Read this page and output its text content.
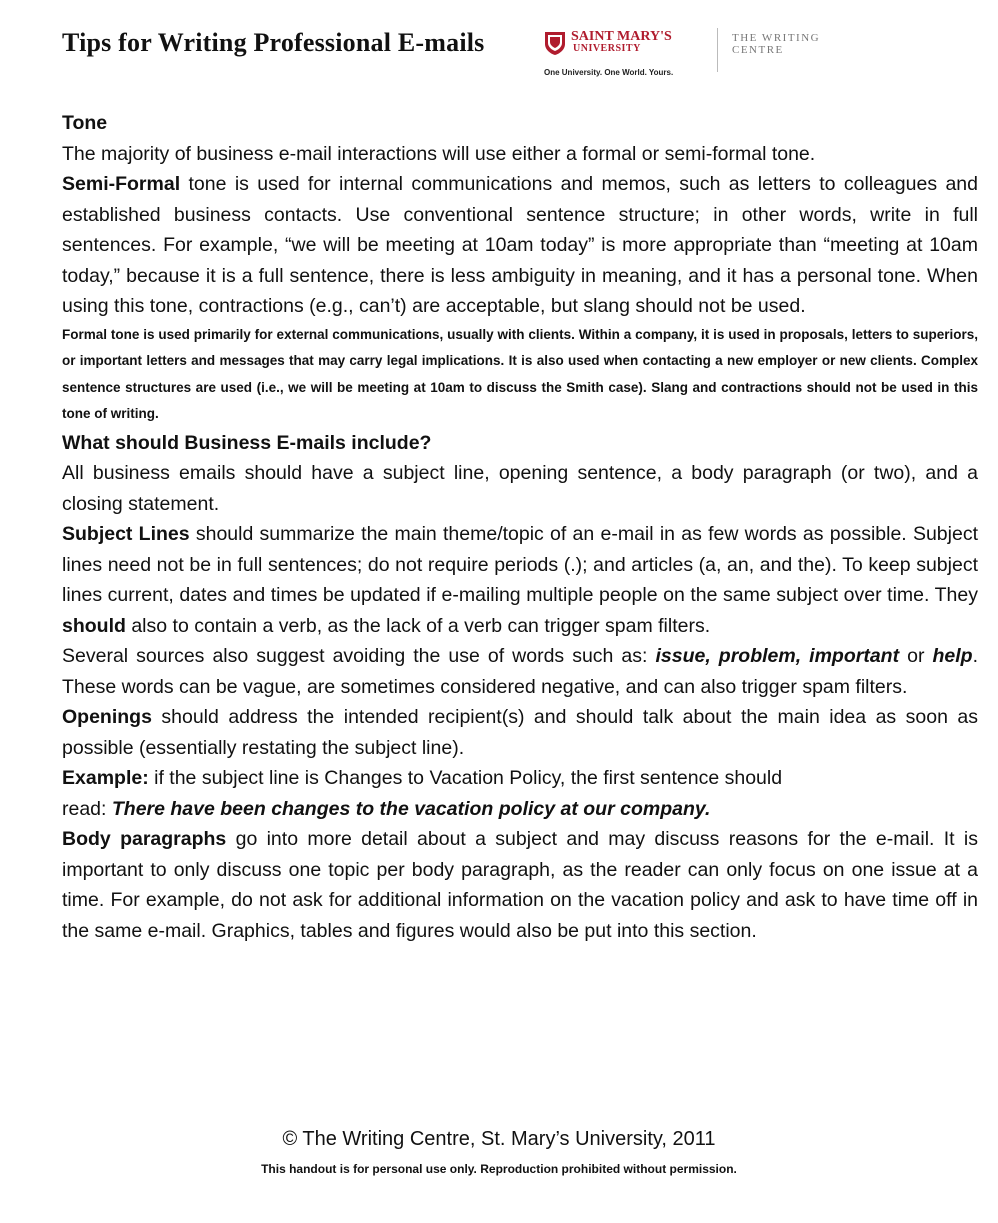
Tips for Writing Professional E-mails	SAINT MARY'S
UNIVERSITY
One University. One World. Yours.
THE WRITING
CENTRE
Tone

The majority of business e-mail interactions will use either a formal or semi-formal tone.

Semi-Formal tone is used for internal communications and memos, such as letters to colleagues and established business contacts. Use conventional sentence structure; in other words, write in full sentences. For example, “we will be meeting at 10am today” is more appropriate than “meeting at 10am today,” because it is a full sentence, there is less ambiguity in meaning, and it has a personal tone. When using this tone, contractions (e.g., can’t) are acceptable, but slang should not be used.

Formal tone is used primarily for external communications, usually with clients. Within a company, it is used in proposals, letters to superiors, or important letters and messages that may carry legal implications. It is also used when contacting a new employer or new clients. Complex sentence structures are used (i.e., we will be meeting at 10am to discuss the Smith case). Slang and contractions should not be used in this tone of writing.

What should Business E-mails include?

All business emails should have a subject line, opening sentence, a body paragraph (or two), and a closing statement.

Subject Lines should summarize the main theme/topic of an e-mail in as few words as possible. Subject lines need not be in full sentences; do not require periods (.); and articles (a, an, and the). To keep subject lines current, dates and times be updated if e-mailing multiple people on the same subject over time. They should also to contain a verb, as the lack of a verb can trigger spam filters.

Several sources also suggest avoiding the use of words such as: issue, problem, important or help. These words can be vague, are sometimes considered negative, and can also trigger spam filters.

Openings should address the intended recipient(s) and should talk about the main idea as soon as possible (essentially restating the subject line).

Example: if the subject line is Changes to Vacation Policy, the first sentence should

read: There have been changes to the vacation policy at our company.

Body paragraphs go into more detail about a subject and may discuss reasons for the e-mail. It is important to only discuss one topic per body paragraph, as the reader can only focus on one issue at a time. For example, do not ask for additional information on the vacation policy and ask to have time off in the same e-mail. Graphics, tables and figures would also be put into this section.

© The Writing Centre, St. Mary’s University, 2011
This handout is for personal use only. Reproduction prohibited without permission.
